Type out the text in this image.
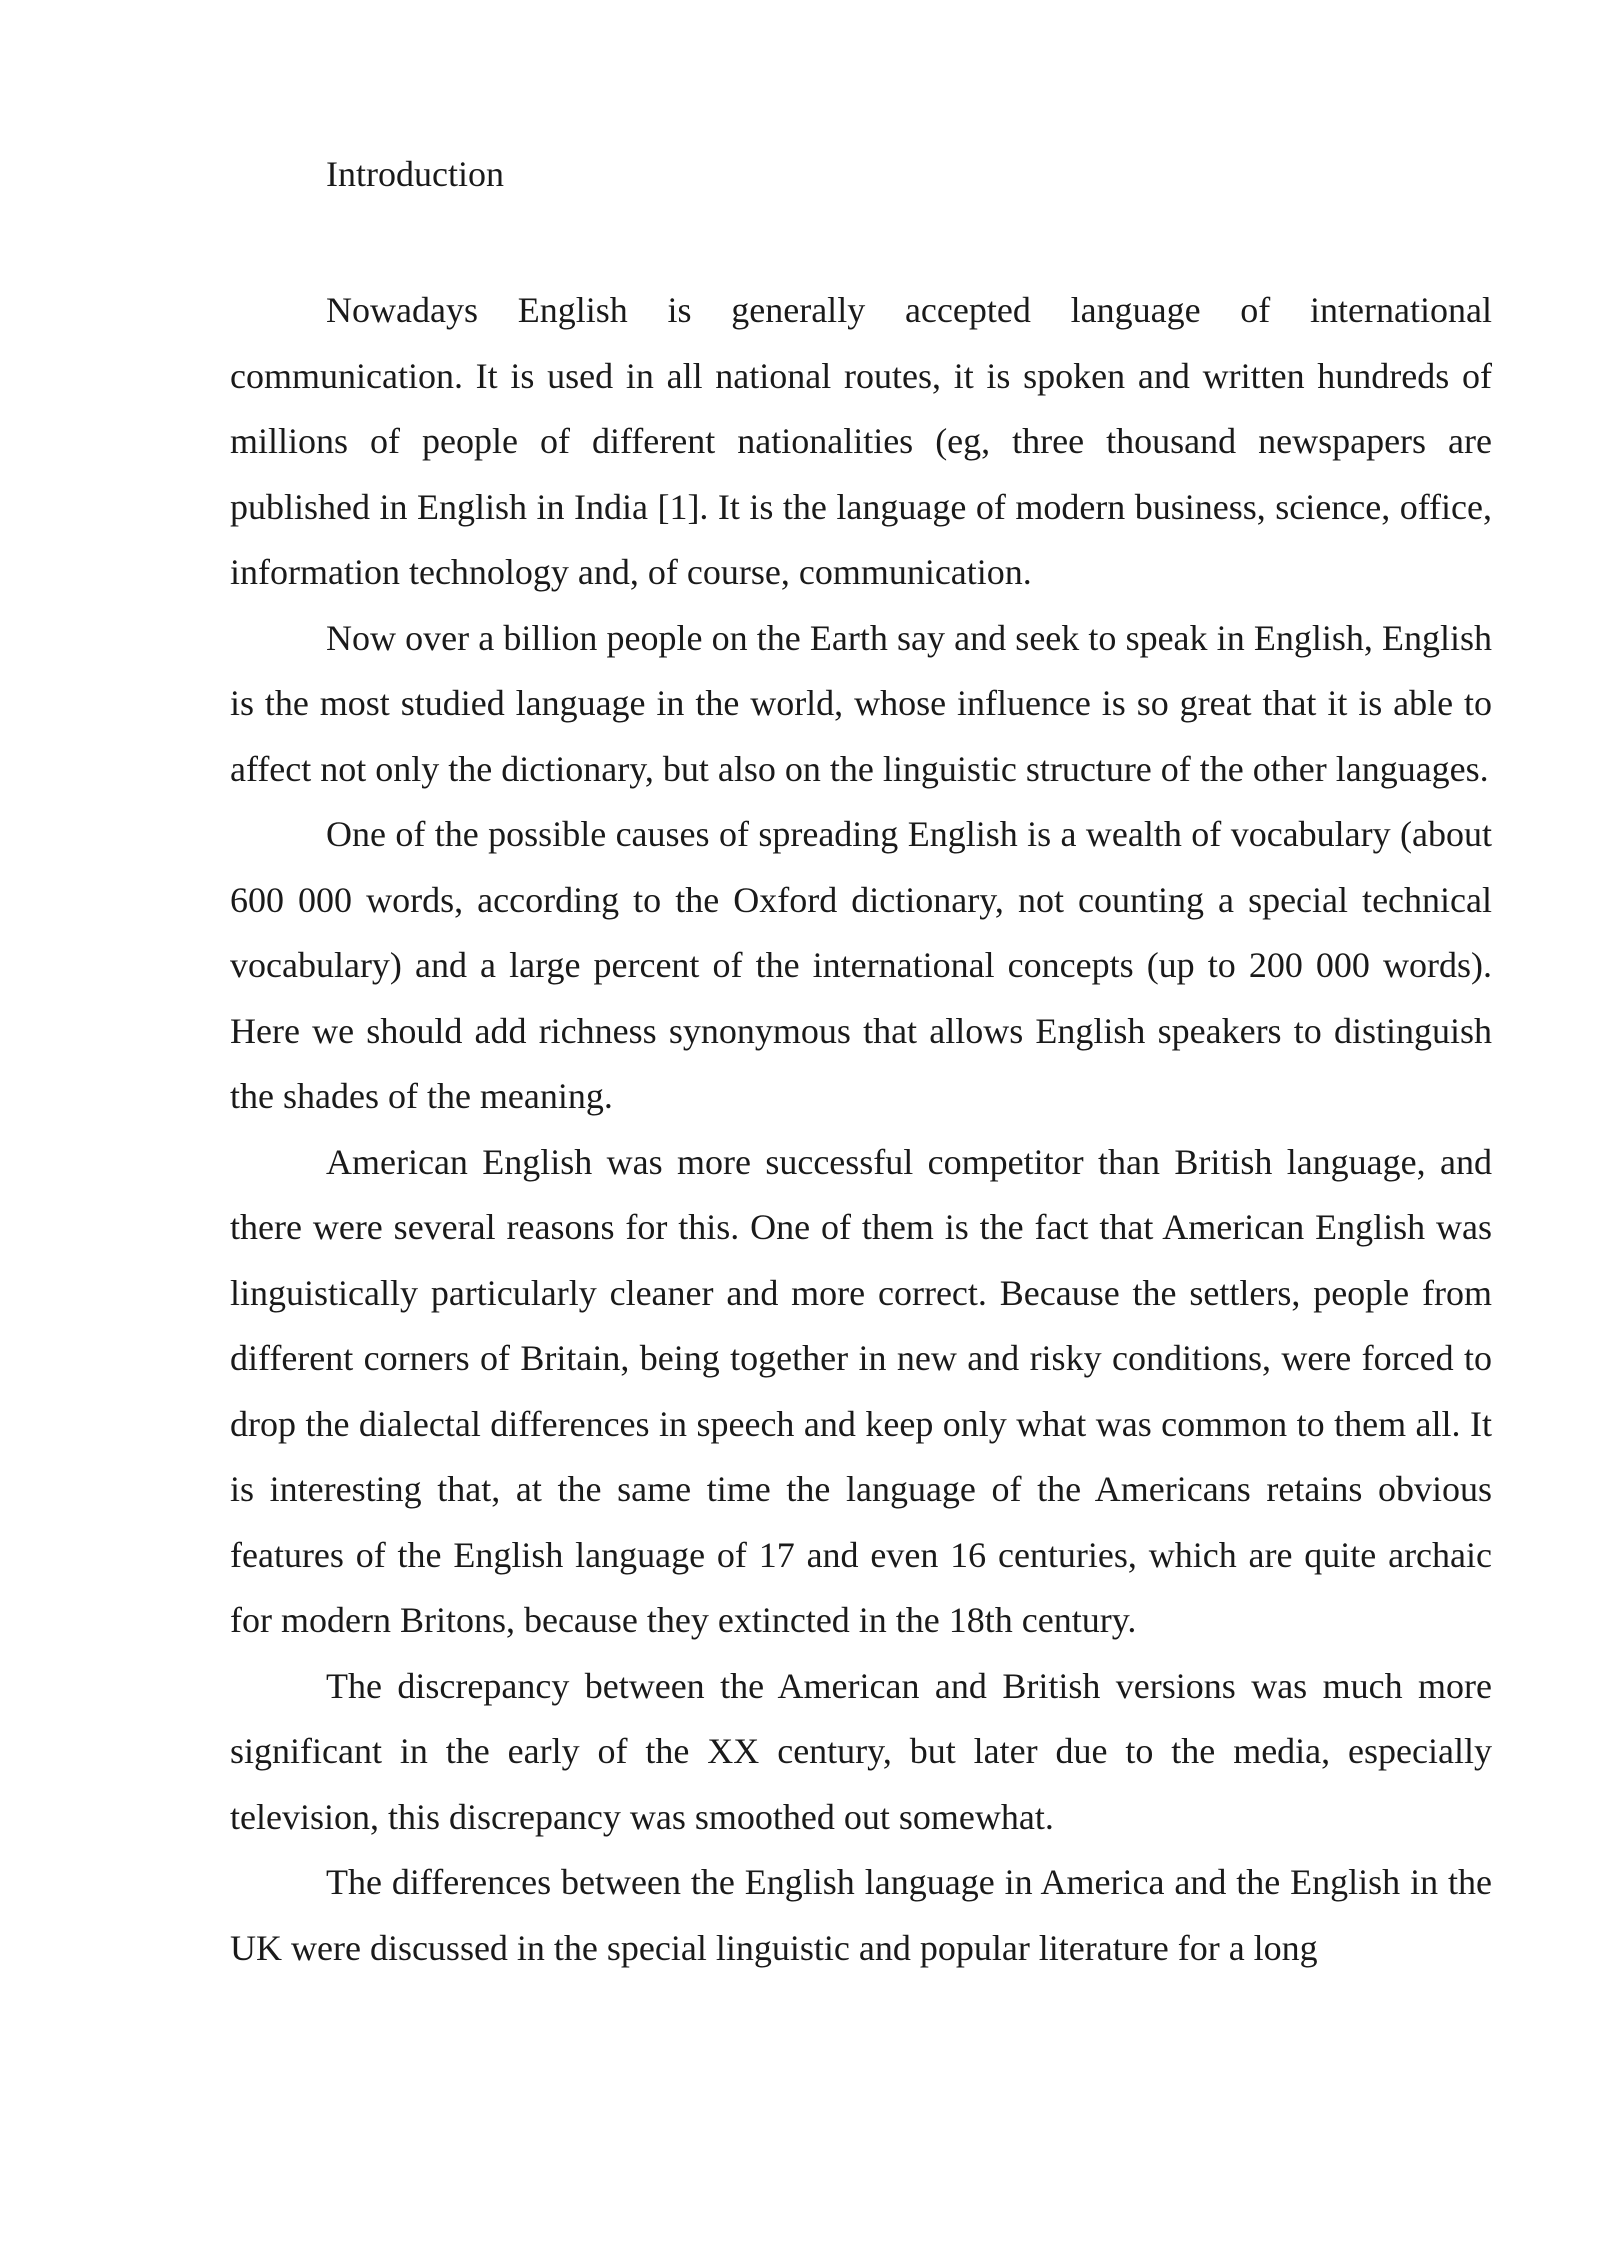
Introduction

Nowadays English is generally accepted language of international communication. It is used in all national routes, it is spoken and written hundreds of millions of people of different nationalities (eg, three thousand newspapers are published in English in India [1]. It is the language of modern business, science, office, information technology and, of course, communication.

Now over a billion people on the Earth say and seek to speak in English, English is the most studied language in the world, whose influence is so great that it is able to affect not only the dictionary, but also on the linguistic structure of the other languages.

One of the possible causes of spreading English is a wealth of vocabulary (about 600 000 words, according to the Oxford dictionary, not counting a special technical vocabulary) and a large percent of the international concepts (up to 200 000 words). Here we should add richness synonymous that allows English speakers to distinguish the shades of the meaning.

American English was more successful competitor than British language, and there were several reasons for this. One of them is the fact that American English was linguistically particularly cleaner and more correct. Because the settlers, people from different corners of Britain, being together in new and risky conditions, were forced to drop the dialectal differences in speech and keep only what was common to them all. It is interesting that, at the same time the language of the Americans retains obvious features of the English language of 17 and even 16 centuries, which are quite archaic for modern Britons, because they extincted in the 18th century.

The discrepancy between the American and British versions was much more significant in the early of the XX century, but later due to the media, especially television, this discrepancy was smoothed out somewhat.

The differences between the English language in America and the English in the UK were discussed in the special linguistic and popular literature for a long
